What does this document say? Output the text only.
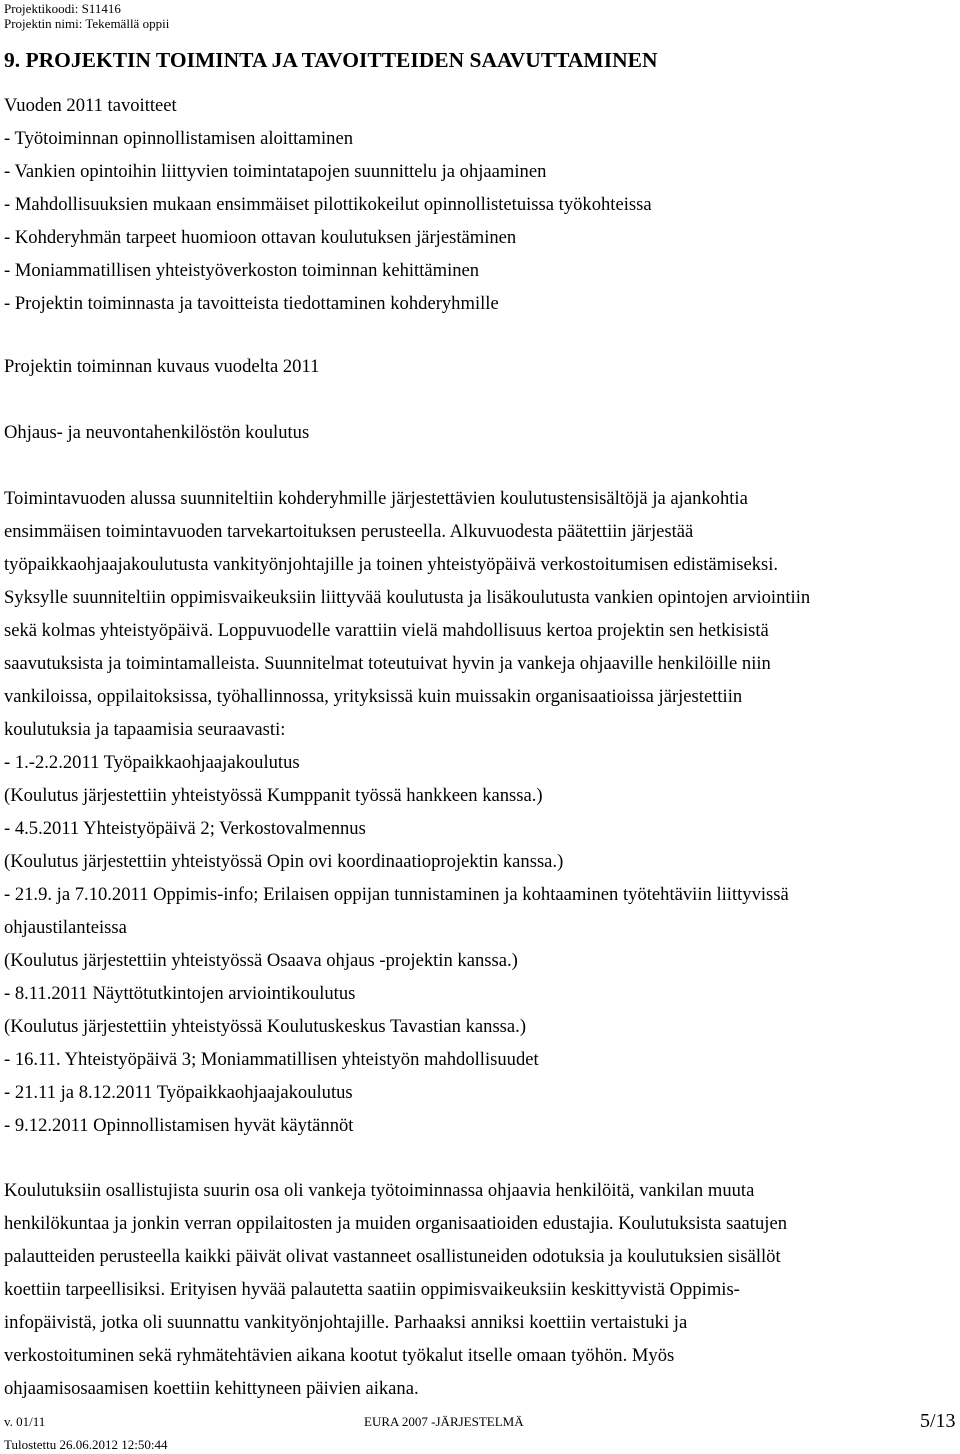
Projektikoodi: S11416
Projektin nimi: Tekemällä oppii
9. PROJEKTIN TOIMINTA JA TAVOITTEIDEN SAAVUTTAMINEN
Vuoden 2011 tavoitteet
- Työtoiminnan opinnollistamisen aloittaminen
- Vankien opintoihin liittyvien toimintatapojen suunnittelu ja ohjaaminen
- Mahdollisuuksien mukaan ensimmäiset pilottikokeilut opinnollistetuissa työkohteissa
- Kohderyhmän tarpeet huomioon ottavan koulutuksen järjestäminen
- Moniammatillisen yhteistyöverkoston toiminnan kehittäminen
- Projektin toiminnasta ja tavoitteista tiedottaminen kohderyhmille
Projektin toiminnan kuvaus vuodelta 2011
Ohjaus- ja neuvontahenkilöstön koulutus
Toimintavuoden alussa suunniteltiin kohderyhmille järjestettävien koulutustensisältöjä ja ajankohtia
ensimmäisen toimintavuoden tarvekartoituksen perusteella. Alkuvuodesta päätettiin järjestää
työpaikkaohjaajakoulutusta vankityönjohtajille ja toinen yhteistyöpäivä verkostoitumisen edistämiseksi.
Syksylle suunniteltiin oppimisvaikeuksiin liittyvää koulutusta ja lisäkoulutusta vankien opintojen arviointiin
sekä kolmas yhteistyöpäivä. Loppuvuodelle varattiin vielä mahdollisuus kertoa projektin sen hetkisistä
saavutuksista ja toimintamalleista. Suunnitelmat toteutuivat hyvin ja vankeja ohjaaville henkilöille niin
vankiloissa, oppilaitoksissa, työhallinnossa, yrityksissä kuin muissakin organisaatioissa järjestettiin
koulutuksia ja tapaamisia seuraavasti:
- 1.-2.2.2011 Työpaikkaohjaajakoulutus
(Koulutus järjestettiin yhteistyössä Kumppanit työssä hankkeen kanssa.)
- 4.5.2011 Yhteistyöpäivä 2; Verkostovalmennus
(Koulutus järjestettiin yhteistyössä Opin ovi koordinaatioprojektin kanssa.)
- 21.9. ja 7.10.2011 Oppimis-info; Erilaisen oppijan tunnistaminen ja kohtaaminen työtehtäviin liittyvissä
ohjaustilanteissa
(Koulutus järjestettiin yhteistyössä Osaava ohjaus -projektin kanssa.)
- 8.11.2011 Näyttötutkintojen arviointikoulutus
(Koulutus järjestettiin yhteistyössä Koulutuskeskus Tavastian kanssa.)
- 16.11. Yhteistyöpäivä 3; Moniammatillisen yhteistyön mahdollisuudet
- 21.11 ja 8.12.2011 Työpaikkaohjaajakoulutus
- 9.12.2011 Opinnollistamisen hyvät käytännöt
Koulutuksiin osallistujista suurin osa oli vankeja työtoiminnassa ohjaavia henkilöitä, vankilan muuta
henkilökuntaa ja jonkin verran oppilaitosten ja muiden organisaatioiden edustajia. Koulutuksista saatujen
palautteiden perusteella kaikki päivät olivat vastanneet osallistuneiden odotuksia ja koulutuksien sisällöt
koettiin tarpeellisiksi. Erityisen hyvää palautetta saatiin oppimisvaikeuksiin keskittyvistä Oppimis-
infopäivistä, jotka oli suunnattu vankityönjohtajille. Parhaaksi anniksi koettiin vertaistuki ja
verkostoituminen sekä ryhmätehtävien aikana kootut työkalut itselle omaan työhön. Myös
ohjaamisosaamisen koettiin kehittyneen päivien aikana.
v. 01/11	EURA 2007 -JÄRJESTELMÄ	5/13
Tulostettu 26.06.2012 12:50:44
